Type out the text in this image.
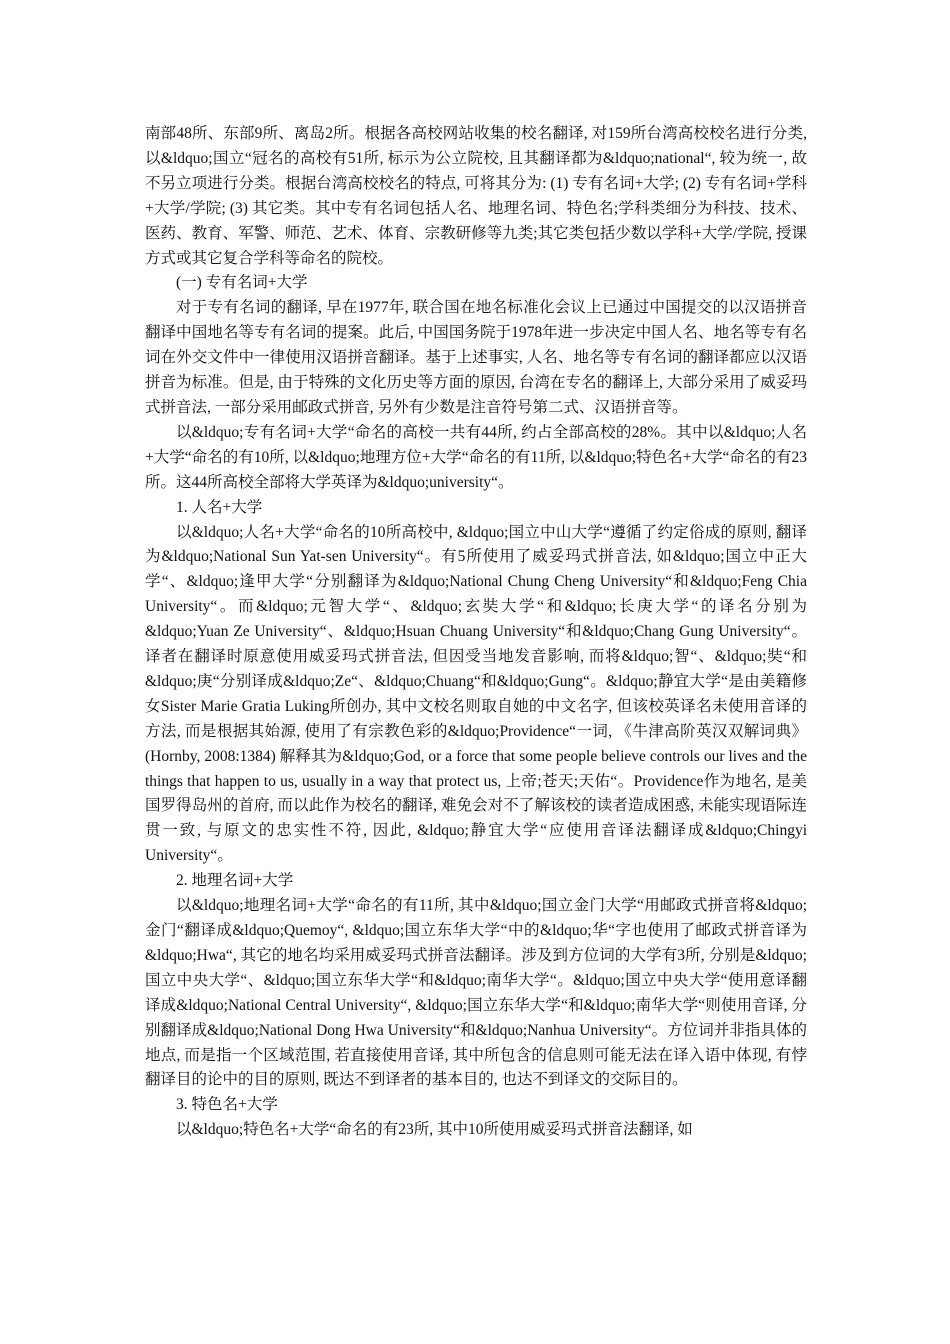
南部48所、东部9所、离岛2所。根据各高校网站收集的校名翻译, 对159所台湾高校校名进行分类, 以&ldquo;国立“冠名的高校有51所, 标示为公立院校, 且其翻译都为&ldquo;national“, 较为统一, 故不另立项进行分类。根据台湾高校校名的特点, 可将其分为: (1) 专有名词+大学; (2) 专有名词+学科+大学/学院; (3) 其它类。其中专有名词包括人名、地理名词、特色名;学科类细分为科技、技术、医药、教育、军警、师范、艺术、体育、宗教研修等九类;其它类包括少数以学科+大学/学院, 授课方式或其它复合学科等命名的院校。

(一) 专有名词+大学

对于专有名词的翻译, 早在1977年, 联合国在地名标准化会议上已通过中国提交的以汉语拼音翻译中国地名等专有名词的提案。此后, 中国国务院于1978年进一步决定中国人名、地名等专有名词在外交文件中一律使用汉语拼音翻译。基于上述事实, 人名、地名等专有名词的翻译都应以汉语拼音为标准。但是, 由于特殊的文化历史等方面的原因, 台湾在专名的翻译上, 大部分采用了威妥玛式拼音法, 一部分采用邮政式拼音, 另外有少数是注音符号第二式、汉语拼音等。

以&ldquo;专有名词+大学“命名的高校一共有44所, 约占全部高校的28%。其中以&ldquo;人名+大学“命名的有10所, 以&ldquo;地理方位+大学“命名的有11所, 以&ldquo;特色名+大学“命名的有23所。这44所高校全部将大学英译为&ldquo;university“。

1. 人名+大学

以&ldquo;人名+大学“命名的10所高校中, &ldquo;国立中山大学“遵循了约定俗成的原则, 翻译为&ldquo;National Sun Yat-sen University“。有5所使用了威妥玛式拼音法, 如&ldquo;国立中正大学“、&ldquo;逢甲大学“分别翻译为&ldquo;National Chung Cheng University“和&ldquo;Feng Chia University“。而&ldquo;元智大学“、&ldquo;玄奘大学“和&ldquo;长庚大学“的译名分别为&ldquo;Yuan Ze University“、&ldquo;Hsuan Chuang University“和&ldquo;Chang Gung University“。译者在翻译时原意使用威妥玛式拼音法, 但因受当地发音影响, 而将&ldquo;智“、&ldquo;奘“和&ldquo;庚“分别译成&ldquo;Ze“、&ldquo;Chuang“和&ldquo;Gung“。&ldquo;静宜大学“是由美籍修女Sister Marie Gratia Luking所创办, 其中文校名则取自她的中文名字, 但该校英译名未使用音译的方法, 而是根据其始源, 使用了有宗教色彩的&ldquo;Providence“一词, 《牛津高阶英汉双解词典》(Hornby, 2008:1384) 解释其为&ldquo;God, or a force that some people believe controls our lives and the things that happen to us, usually in a way that protect us, 上帝;苍天;天佑“。Providence作为地名, 是美国罗得岛州的首府, 而以此作为校名的翻译, 难免会对不了解该校的读者造成困惑, 未能实现语际连贯一致, 与原文的忠实性不符, 因此, &ldquo;静宜大学“应使用音译法翻译成&ldquo;Chingyi University“。

2. 地理名词+大学

以&ldquo;地理名词+大学“命名的有11所, 其中&ldquo;国立金门大学“用邮政式拼音将&ldquo;金门“翻译成&ldquo;Quemoy“, &ldquo;国立东华大学“中的&ldquo;华“字也使用了邮政式拼音译为&ldquo;Hwa“, 其它的地名均采用威妥玛式拼音法翻译。涉及到方位词的大学有3所, 分别是&ldquo;国立中央大学“、&ldquo;国立东华大学“和&ldquo;南华大学“。&ldquo;国立中央大学“使用意译翻译成&ldquo;National Central University“, &ldquo;国立东华大学“和&ldquo;南华大学“则使用音译, 分别翻译成&ldquo;National Dong Hwa University“和&ldquo;Nanhua University“。方位词并非指具体的地点, 而是指一个区域范围, 若直接使用音译, 其中所包含的信息则可能无法在译入语中体现, 有悖翻译目的论中的目的原则, 既达不到译者的基本目的, 也达不到译文的交际目的。

3. 特色名+大学

以&ldquo;特色名+大学“命名的有23所, 其中10所使用威妥玛式拼音法翻译, 如
